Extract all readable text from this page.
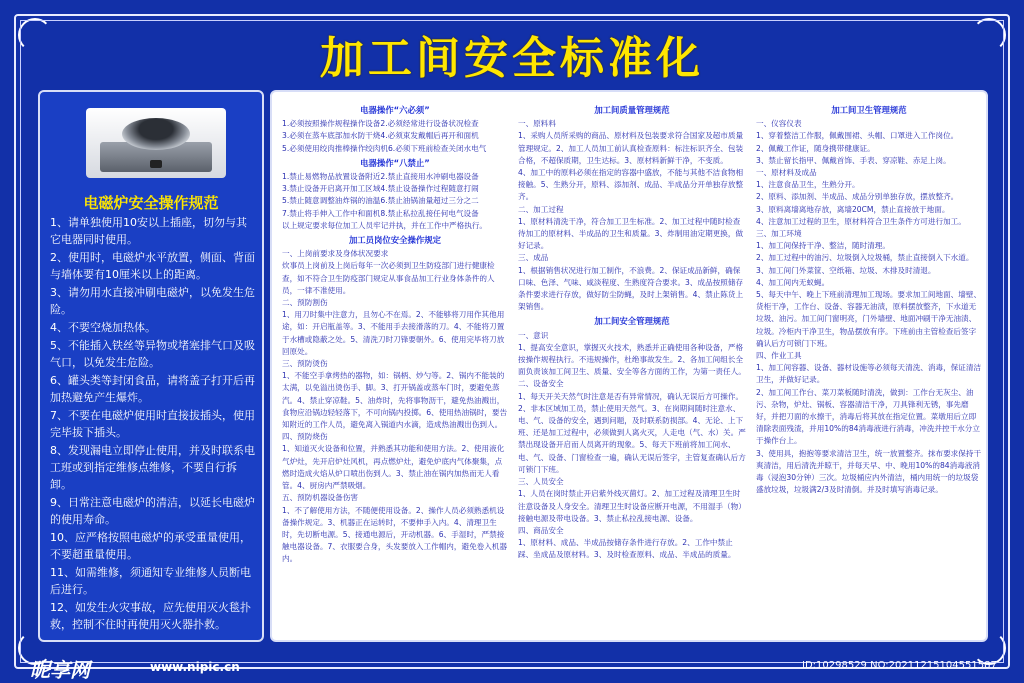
加工间安全标准化
电磁炉安全操作规范

1、请单独使用10安以上插座，切勿与其它电器同时使用。

2、使用时，电磁炉水平放置，侧面、背面与墙体要有10厘米以上的距离。

3、请勿用水直接冲刷电磁炉，以免发生危险。

4、不要空烧加热体。

5、不能插入铁丝等异物或堵塞排气口及吸气口，以免发生危险。

6、罐头类等封闭食品，请将盖子打开后再加热避免产生爆炸。

7、不要在电磁炉使用时直接拔插头，使用完毕拔下插头。

8、发现漏电立即停止使用，并及时联系电工班或到指定维修点维修，不要自行拆卸。

9、日常注意电磁炉的清洁，以延长电磁炉的使用寿命。

10、应严格按照电磁炉的承受重量使用，不要超重量使用。

11、如需维修，须通知专业维修人员断电后进行。

12、如发生火灾事故，应先使用灭火毯扑救，控制不住时再使用灭火器扑救。

电器操作“六必须”

1.必须按照操作规程操作设备2.必须经常进行设备状况检查

3.必须在蒸车底部加水防干烧4.必须束发戴帽后再开和面机

5.必须使用绞肉推棒操作绞肉机6.必须下班前检查关闭水电气

电器操作“八禁止”

1.禁止易燃物品放置设备附近2.禁止直接用水冲刷电器设备

3.禁止设备开启离开加工区域4.禁止设备操作过程随意打闹

5.禁止随意调整油炸锅的油温6.禁止油锅油量超过三分之二

7.禁止将手伸入工作中和面机8.禁止私拉乱接任何电气设备

以上规定要求每位加工人员牢记并执，并在工作中严格执行。

加工员岗位安全操作规定

一、上岗前要求及身体状况要求

炊事员上岗前及上岗后每年一次必须到卫生防疫部门进行健康检查，如不符合卫生防疫部门规定从事食品加工行业身体条件的人员，一律不准使用。

二、预防割伤

1、用刀时集中注意力，且勿心不在焉。2、不能够将刀用作其他用途，如：开启瓶盖等。3、不能用手去接滑落的刀。4、不能将刀置于水槽或隐蔽之处。5、清洗刀时刀锋要朝外。6、使用完毕将刀放回原处。

三、预防烫伤

1、不能空手拿烤热的器物，如：锅柄、炒勺等。2、锅内不能装的太满，以免溢出烫伤手、脚。3、打开锅盖或蒸车门时，要避免蒸汽。4、禁止穿凉鞋。5、油炸时，先将事物沥干，避免热油溅出，食物应沿锅边轻轻落下，不可向锅内投掷。6、使用热油锅时，要告知附近的工作人员，避免离入锅道内水滴，造成热油溅出伤到人。

四、预防烧伤

1、知道灭火设备和位置，并熟悉其功能和使用方法。2、使用液化气炉灶，先开启炉灶风机，再点燃炉灶，避免炉底内气体聚集，点燃时造成火焰从炉口喷出伤到人。3、禁止油在锅内加热而无人看管。4、厨房内严禁吸烟。

五、预防机器设备伤害

1、不了解使用方法，不随便使用设备。2、操作人员必须熟悉机设备操作规定。3、机器正在运转时，不要伸手入内。4、清理卫生时，先切断电源。5、接通电源后，开动机器。6、手湿时，严禁接触电器设备。7、衣服要合身，头发要放入工作帽内，避免卷入机器内。

加工间质量管理规范

一、原料料

1、采购人员所采购的商品、原材料及包装要求符合国家及超市质量管理规定。2、加工人员加工前认真检查原料：标注标识齐全、包装合格，不超保质期，卫生达标。3、原材料新鲜干净，不变质。

4、加工中的原料必须在指定的容器中盛放，不能与其他不洁食物相接触。5、生熟分开，原料、添加剂、成品、半成品分开单独存放整齐。

二、加工过程

1、原材料清洗干净，符合加工卫生标准。2、加工过程中随时检查待加工的原材料、半成品的卫生和质量。3、炸制用油定期更换，做好记录。

三、成品

1、根据销售状况进行加工制作，不浪费。2、保证成品新鲜，确保口味、色泽、气味、咸淡程度、生熟度符合要求。3、成品按照储存条件要求进行存放，做好防尘防蝇，及时上架销售。4、禁止陈货上架销售。

加工间安全管理规范

一、意识

1、提高安全意识，掌握灭火技术，熟悉并正确使用各种设备，严格按操作规程执行。不违规操作，杜绝事故发生。2、各加工间组长全面负责该加工间卫生、质量、安全等各方面的工作，为第一责任人。

二、设备安全

1、每天开关天然气时注意是否有异常情况，确认无误后方可操作。2、非本区域加工员，禁止使用天然气。3、在岗期间随时注意水、电、气、设备的安全，遇到问题，及时联系防损部。4、无论、上下班、还是加工过程中，必须做到人离火灭，人走电（气、水）关。严禁出现设备开启而人员离开的现象。5、每天下班前将加工间水、电、气、设备、门窗检查一遍，确认无误后签字，主管复查确认后方可锁门下班。

三、人员安全

1、人员在岗时禁止开启紫外线灭菌灯。2、加工过程及清理卫生时注意设备及人身安全。清理卫生时设备应断开电源，不用湿手（物）接触电源及带电设备。3、禁止私拉乱接电源、设备。

四、商品安全

1、原材料、成品、半成品按储存条件进行存放。2、工作中禁止踩、坐成品及原材料。3、及时检查原料、成品、半成品的质量。

加工间卫生管理规范

一、仪容仪表

1、穿着整洁工作服，佩戴围裙、头帽、口罩进入工作岗位。

2、佩戴工作证，随身携带健康证。

3、禁止留长指甲、佩戴首饰、手表、穿凉鞋、赤足上岗。

一、原材料及成品

1、注意食品卫生，生熟分开。

2、原料、添加剂、半成品、成品分别单独存放，摆放整齐。

3、原料离墙离地存放，离墙20CM，禁止直接放于地面。

4、注意加工过程的卫生，原材料符合卫生条件方可进行加工。

三、加工环境

1、加工间保持干净、整洁，随时清理。

2、加工过程中的油污、垃圾倒入垃圾桶，禁止直接倒入下水道。

3、加工间门外菜筐、空纸箱、垃圾、木排及时清退。

4、加工间内无蚁蝇。

5、每天中午、晚上下班前清理加工现场。要求加工间地面、墙壁、货柜干净，工作台、设备、容器无油渍，原料摆放整齐，下水道无垃圾、油污。加工间门窗明亮，门外墙壁、地面冲刷干净无油渍、垃圾。冷柜内干净卫生，物品摆放有序。下班前由主管检查后签字确认后方可锁门下班。

四、作业工具

1、加工间容器、设备、器材设施等必须每天清洗、消毒，保证清洁卫生，并做好记录。

2、加工间工作台、菜刀菜板随时清洗，做到：工作台无灰尘、油污、杂物，炉灶、锅板、容器清洁干净，刀具锋利无锈，事先磨好，并把刀面的水擦干，消毒后将其放在指定位置。菜墩用后立即清除表面残渣，并用10%的84消毒液进行消毒，冲洗并控干水分立于操作台上。

3、使用具，抱抱等要求清洁卫生，统一放置整齐。抹布要求保持干爽清洁，用后清洗并晾干，并每天早、中、晚用10%的84消毒液消毒（浸泡30分钟）三次。垃圾桶应内外清洁，桶内用统一的垃圾袋盛放垃圾，垃圾满2/3及时清倒。并及时填写消毒记录。

昵享网	www.nipic.cn	ID:10298529 NO:20211215104551587
